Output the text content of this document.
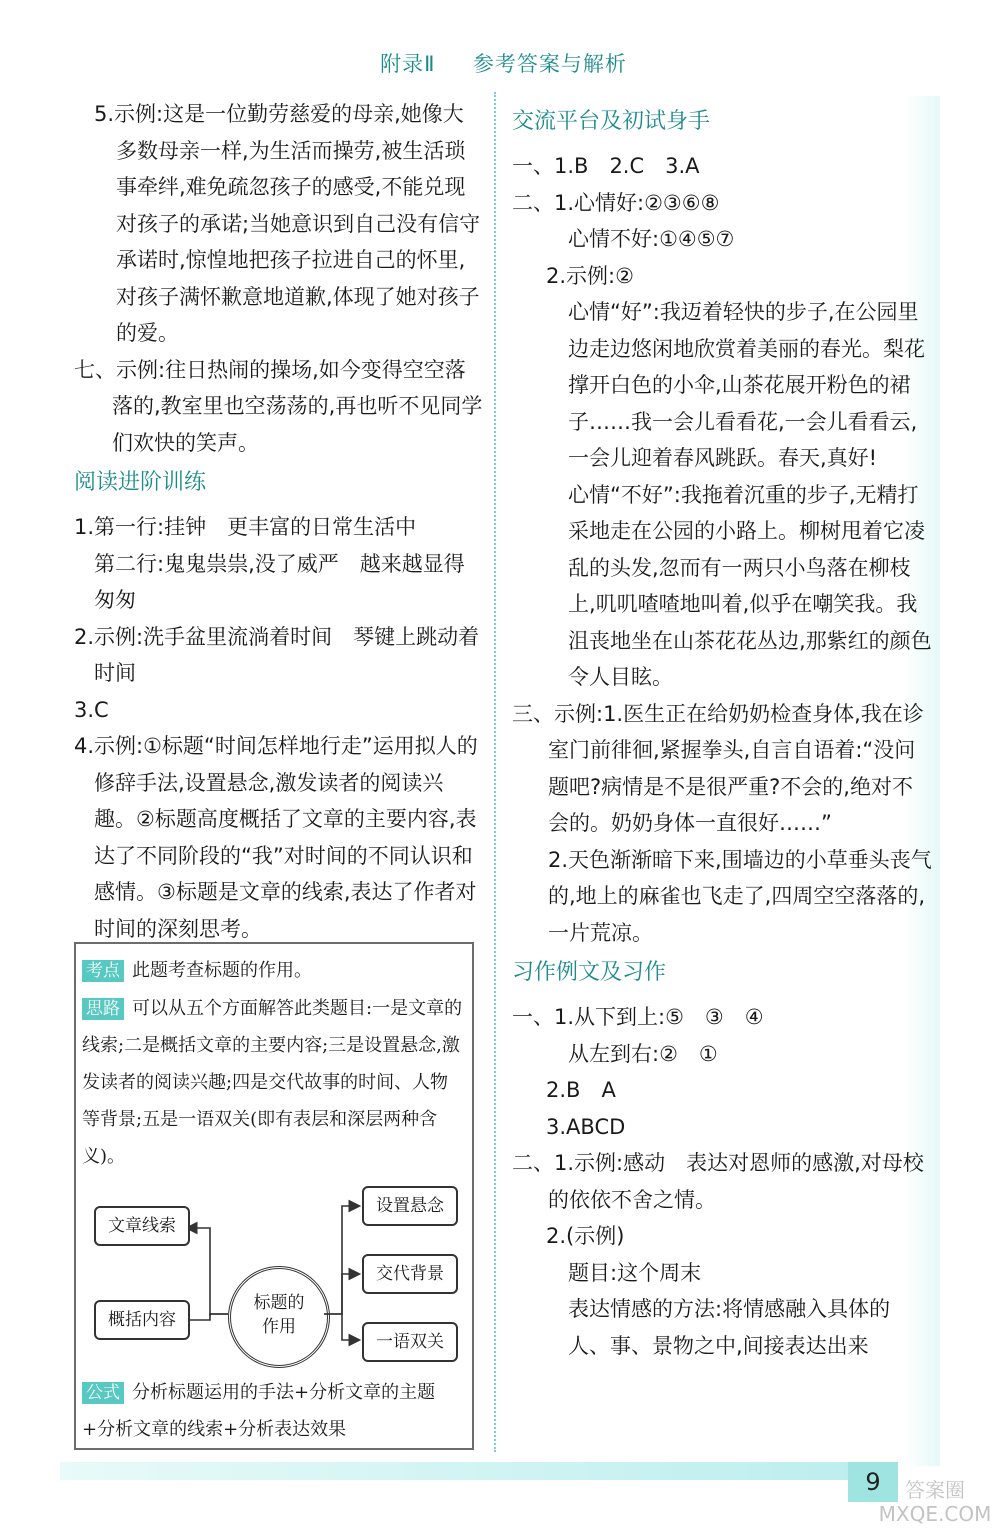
附录Ⅱ 参考答案与解析

5.示例:这是一位勤劳慈爱的母亲,她像大多数母亲一样,为生活而操劳,被生活琐事牵绊,难免疏忽孩子的感受,不能兑现对孩子的承诺;当她意识到自己没有信守承诺时,惊惶地把孩子拉进自己的怀里,对孩子满怀歉意地道歉,体现了她对孩子的爱。

七、示例:往日热闹的操场,如今变得空空落落的,教室里也空荡荡的,再也听不见同学们欢快的笑声。

阅读进阶训练

1.第一行:挂钟　更丰富的日常生活中

第二行:鬼鬼祟祟,没了威严　越来越显得匆匆

2.示例:洗手盆里流淌着时间　琴键上跳动着时间

3.C

4.示例:①标题“时间怎样地行走”运用拟人的修辞手法,设置悬念,激发读者的阅读兴趣。②标题高度概括了文章的主要内容,表达了不同阶段的“我”对时间的不同认识和感情。③标题是文章的线索,表达了作者对时间的深刻思考。

考点 此题考查标题的作用。
思路 可以从五个方面解答此类题目:一是文章的线索;二是概括文章的主要内容;三是设置悬念,激发读者的阅读兴趣;四是交代故事的时间、人物等背景;五是一语双关(即有表层和深层两种含义)。
文章线索
概括内容
标题的
作用
设置悬念
交代背景
一语双关
公式 分析标题运用的手法+分析文章的主题+分析文章的线索+分析表达效果
交流平台及初试身手

一、1.B　2.C　3.A

二、1.心情好:②③⑥⑧

心情不好:①④⑤⑦

2.示例:②

心情“好”:我迈着轻快的步子,在公园里边走边悠闲地欣赏着美丽的春光。梨花撑开白色的小伞,山茶花展开粉色的裙子……我一会儿看看花,一会儿看看云,一会儿迎着春风跳跃。春天,真好!

心情“不好”:我拖着沉重的步子,无精打采地走在公园的小路上。柳树甩着它凌乱的头发,忽而有一两只小鸟落在柳枝上,叽叽喳喳地叫着,似乎在嘲笑我。我沮丧地坐在山茶花花丛边,那紫红的颜色令人目眩。

三、示例:1.医生正在给奶奶检查身体,我在诊室门前徘徊,紧握拳头,自言自语着:“没问题吧?病情是不是很严重?不会的,绝对不会的。奶奶身体一直很好……”

2.天色渐渐暗下来,围墙边的小草垂头丧气的,地上的麻雀也飞走了,四周空空落落的,一片荒凉。

习作例文及习作

一、1.从下到上:⑤　③　④

从左到右:②　①

2.B　A

3.ABCD

二、1.示例:感动　表达对恩师的感激,对母校的依依不舍之情。

2.(示例)

题目:这个周末

表达情感的方法:将情感融入具体的人、事、景物之中,间接表达出来

9	答案圈 MXQE.COM
